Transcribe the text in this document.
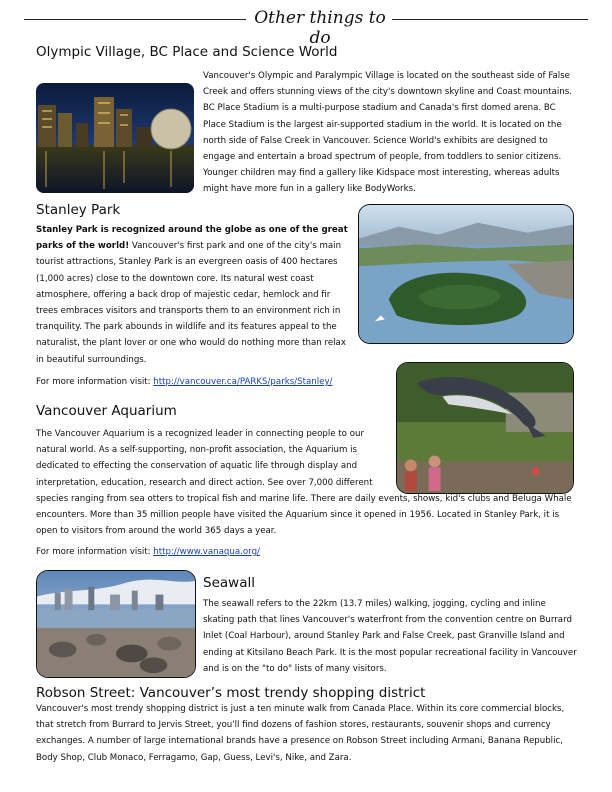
Other things to do
Olympic Village, BC Place and Science World

Vancouver's Olympic and Paralympic Village is located on the southeast side of False Creek and offers stunning views of the city's downtown skyline and Coast mountains. BC Place Stadium is a multi-purpose stadium and Canada's first domed arena. BC Place Stadium is the largest air-supported stadium in the world. It is located on the north side of False Creek in Vancouver. Science World's exhibits are designed to engage and entertain a broad spectrum of people, from toddlers to senior citizens. Younger children may find a gallery like Kidspace most interesting, whereas adults might have more fun in a gallery like BodyWorks.

Stanley Park

Stanley Park is recognized around the globe as one of the great parks of the world! Vancouver's first park and one of the city's main tourist attractions, Stanley Park is an evergreen oasis of 400 hectares (1,000 acres) close to the downtown core. Its natural west coast atmosphere, offering a back drop of majestic cedar, hemlock and fir trees embraces visitors and transports them to an environment rich in tranquility. The park abounds in wildlife and its features appeal to the naturalist, the plant lover or one who would do nothing more than relax in beautiful surroundings.

For more information visit: http://vancouver.ca/PARKS/parks/Stanley/

Vancouver Aquarium

The Vancouver Aquarium is a recognized leader in connecting people to our natural world. As a self-supporting, non-profit association, the Aquarium is dedicated to effecting the conservation of aquatic life through display and interpretation, education, research and direct action. See over 7,000 different species ranging from sea otters to tropical fish and marine life. There are daily events, shows, kid's clubs and Beluga Whale encounters. More than 35 million people have visited the Aquarium since it opened in 1956. Located in Stanley Park, it is open to visitors from around the world 365 days a year.

For more information visit: http://www.vanaqua.org/

Seawall

The seawall refers to the 22km (13.7 miles) walking, jogging, cycling and inline skating path that lines Vancouver's waterfront from the convention centre on Burrard Inlet (Coal Harbour), around Stanley Park and False Creek, past Granville Island and ending at Kitsilano Beach Park. It is the most popular recreational facility in Vancouver and is on the "to do" lists of many visitors.

Robson Street: Vancouver’s most trendy shopping district

Vancouver's most trendy shopping district is just a ten minute walk from Canada Place. Within its core commercial blocks, that stretch from Burrard to Jervis Street, you'll find dozens of fashion stores, restaurants, souvenir shops and currency exchanges. A number of large international brands have a presence on Robson Street including Armani, Banana Republic, Body Shop, Club Monaco, Ferragamo, Gap, Guess, Levi's, Nike, and Zara.
